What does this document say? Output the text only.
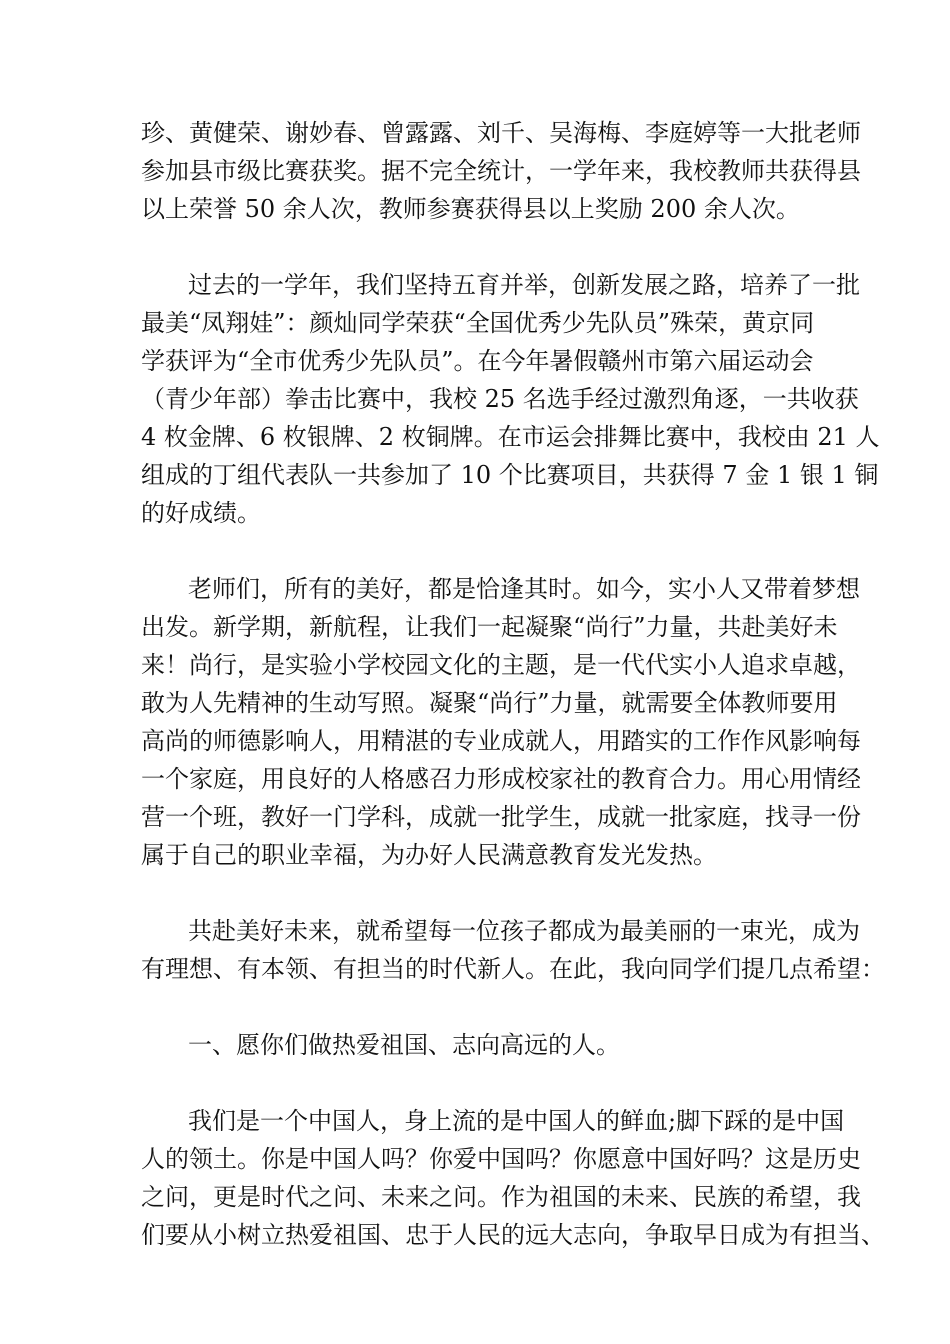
珍、黄健荣、谢妙春、曾露露、刘千、吴海梅、李庭婷等一大批老师
参加县市级比赛获奖。据不完全统计，一学年来，我校教师共获得县
以上荣誉 50 余人次，教师参赛获得县以上奖励 200 余人次。
过去的一学年，我们坚持五育并举，创新发展之路，培养了一批
最美“凤翔娃”：颜灿同学荣获“全国优秀少先队员”殊荣，黄京同
学获评为“全市优秀少先队员”。在今年暑假赣州市第六届运动会
（青少年部）拳击比赛中，我校 25 名选手经过激烈角逐，一共收获
4 枚金牌、6 枚银牌、2 枚铜牌。在市运会排舞比赛中，我校由 21 人
组成的丁组代表队一共参加了 10 个比赛项目，共获得 7 金 1 银 1 铜
的好成绩。
老师们，所有的美好，都是恰逢其时。如今，实小人又带着梦想
出发。新学期，新航程，让我们一起凝聚“尚行”力量，共赴美好未
来！尚行，是实验小学校园文化的主题，是一代代实小人追求卓越，
敢为人先精神的生动写照。凝聚“尚行”力量，就需要全体教师要用
高尚的师德影响人，用精湛的专业成就人，用踏实的工作作风影响每
一个家庭，用良好的人格感召力形成校家社的教育合力。用心用情经
营一个班，教好一门学科，成就一批学生，成就一批家庭，找寻一份
属于自己的职业幸福，为办好人民满意教育发光发热。
共赴美好未来，就希望每一位孩子都成为最美丽的一束光，成为
有理想、有本领、有担当的时代新人。在此，我向同学们提几点希望：
一、愿你们做热爱祖国、志向高远的人。
我们是一个中国人，身上流的是中国人的鲜血;脚下踩的是中国
人的领土。你是中国人吗？你爱中国吗？你愿意中国好吗？这是历史
之问，更是时代之问、未来之问。作为祖国的未来、民族的希望，我
们要从小树立热爱祖国、忠于人民的远大志向，争取早日成为有担当、
